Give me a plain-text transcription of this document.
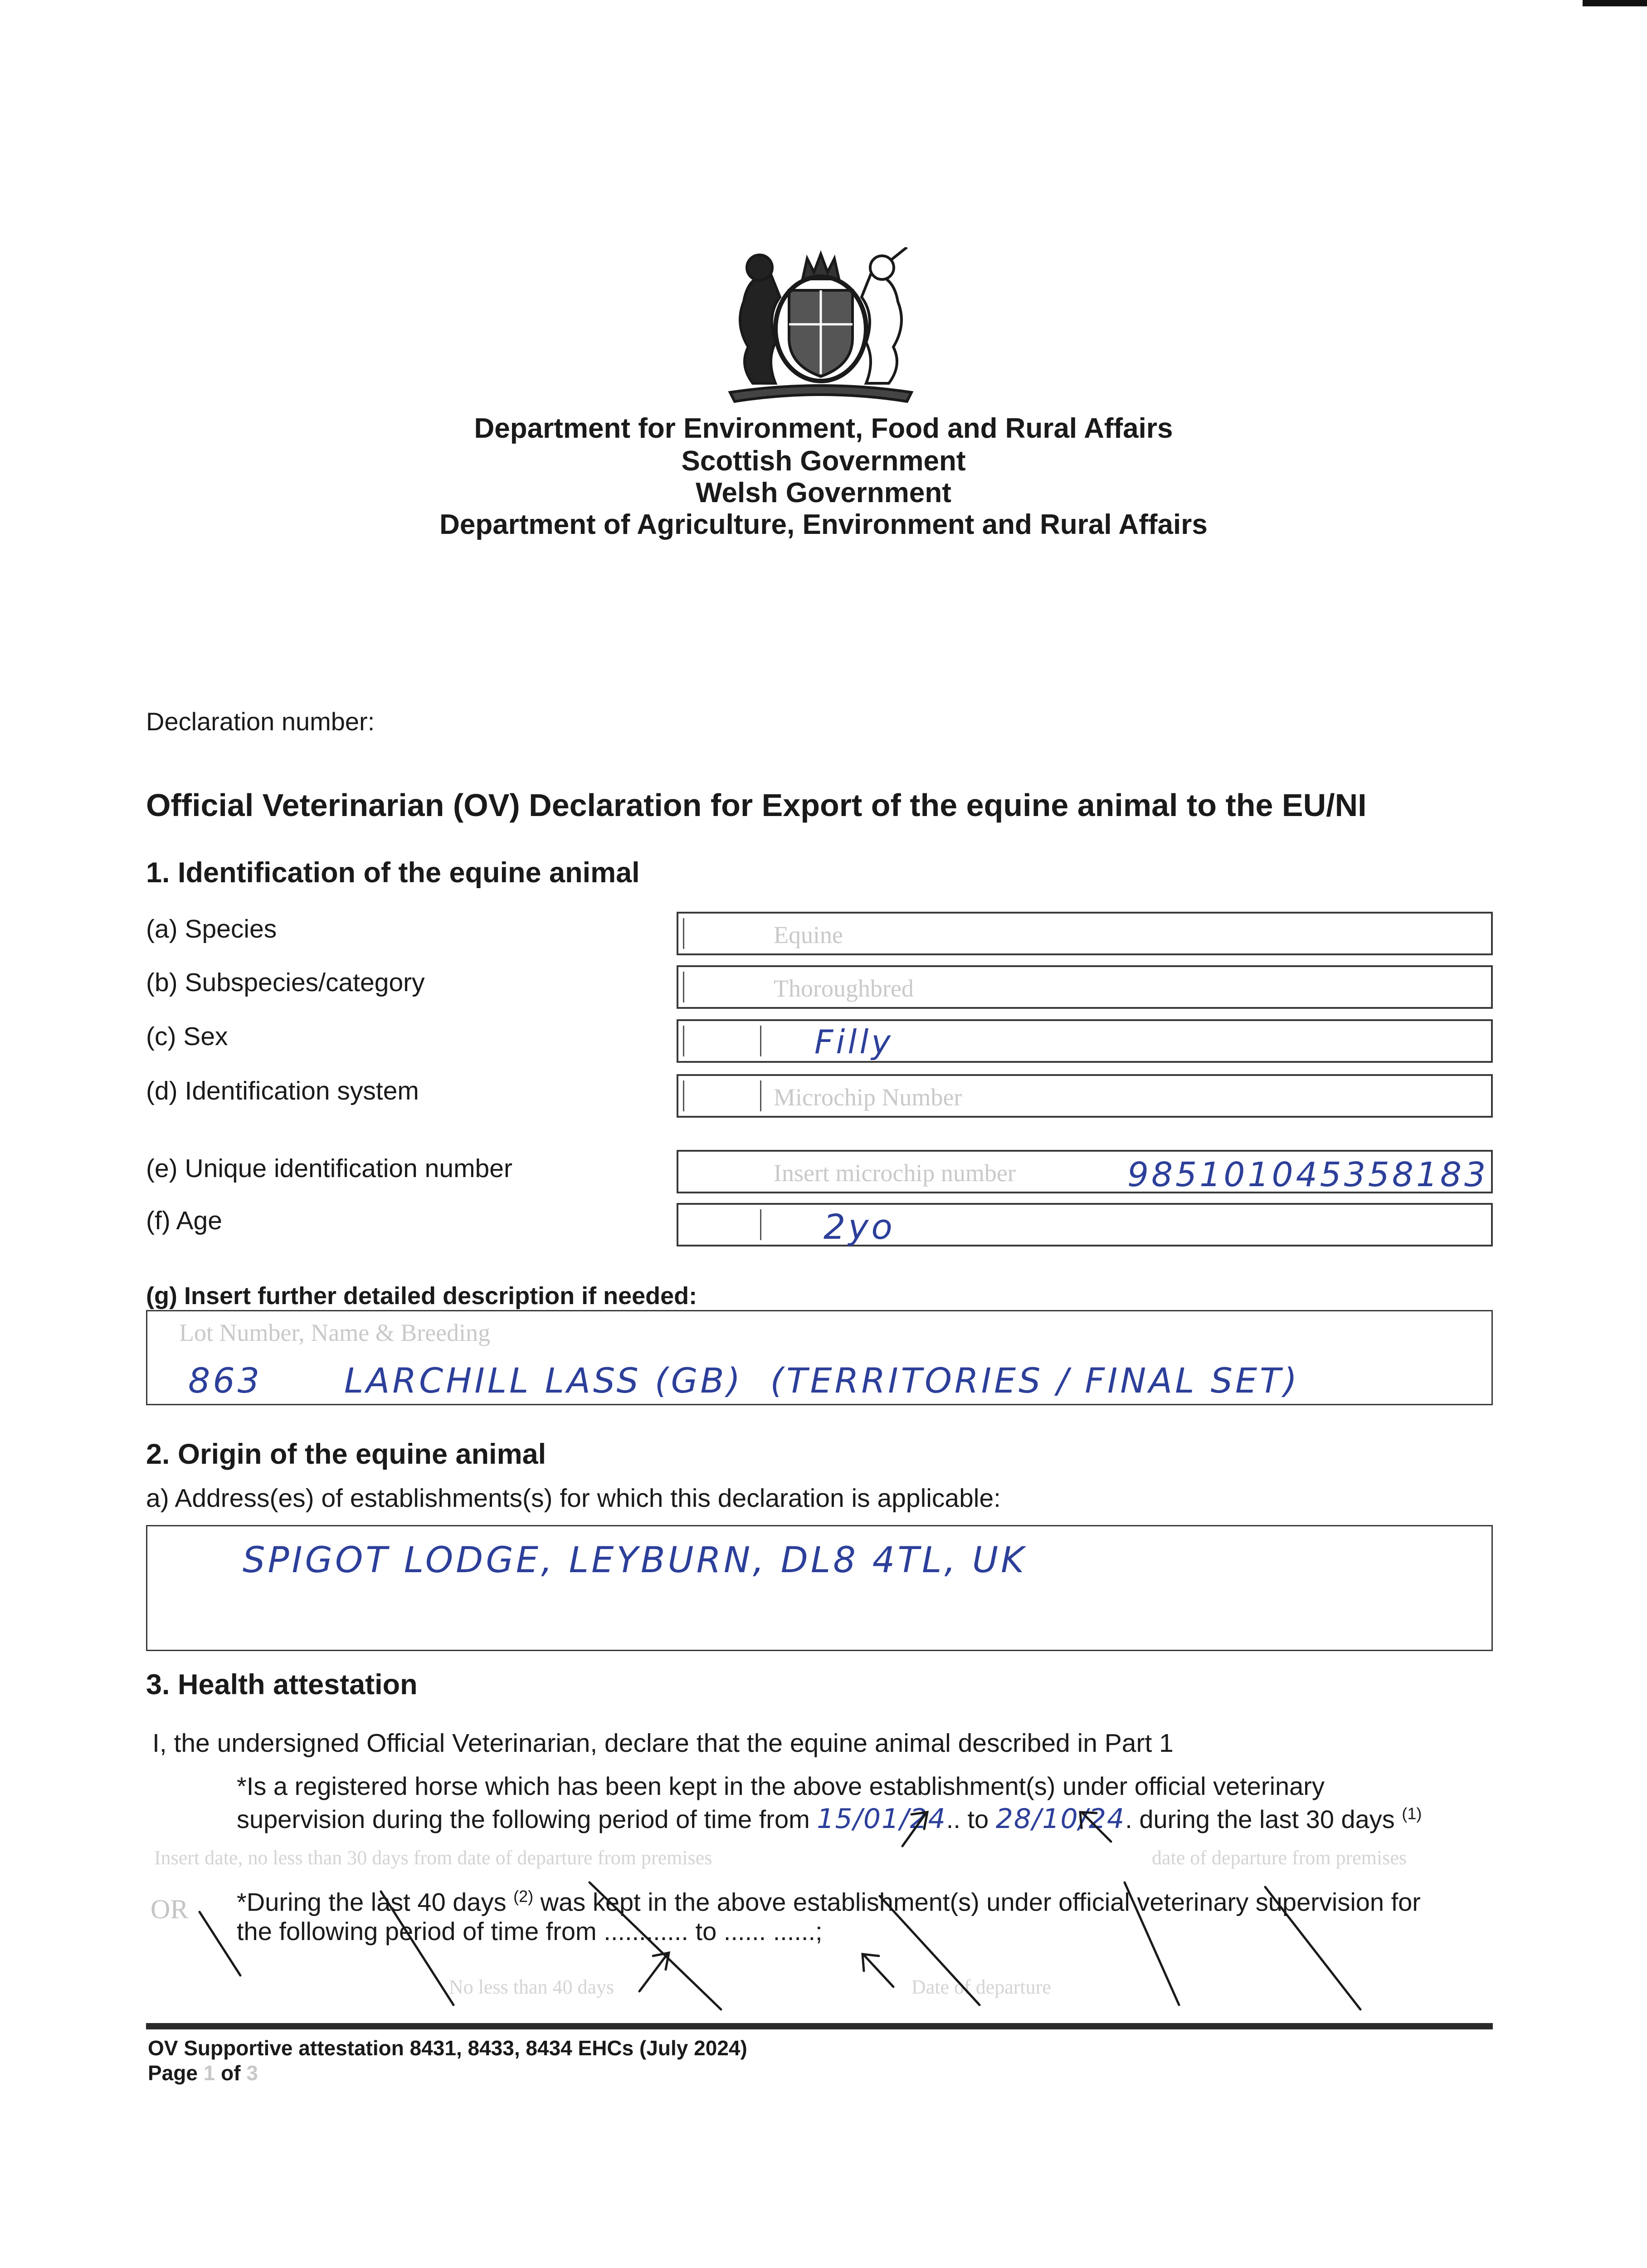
Department for Environment, Food and Rural Affairs
Scottish Government
Welsh Government
Department of Agriculture, Environment and Rural Affairs
Declaration number:
Official Veterinarian (OV) Declaration for Export of the equine animal to the EU/NI
1. Identification of the equine animal
(a) Species	Equine
(b) Subspecies/category	Thoroughbred
(c) Sex	Filly
(d) Identification system	Microchip Number
(e) Unique identification number	Insert microchip number	985101045358183
(f) Age	2yo
(g) Insert further detailed description if needed:
Lot Number, Name & Breeding
863      LARCHILL LASS (GB)  (TERRITORIES / FINAL SET)
2. Origin of the equine animal
a) Address(es) of establishments(s) for which this declaration is applicable:
SPIGOT LODGE, LEYBURN, DL8 4TL, UK
3. Health attestation
I, the undersigned Official Veterinarian, declare that the equine animal described in Part 1
*Is a registered horse which has been kept in the above establishment(s) under official veterinary
supervision during the following period of time from 15/01/24.. to 28/10/24. during the last 30 days $^{(1)}$
Insert date, no less than 30 days from date of departure from premises	date of departure from premises
OR *During the last 40 days $^{(2)}$ was kept in the above establishment(s) under official veterinary supervision for
the following period of time from ............ to ...... ......;
No less than 40 days	Date of departure
OV Supportive attestation 8431, 8433, 8434 EHCs (July 2024)
Page 1 of 3
